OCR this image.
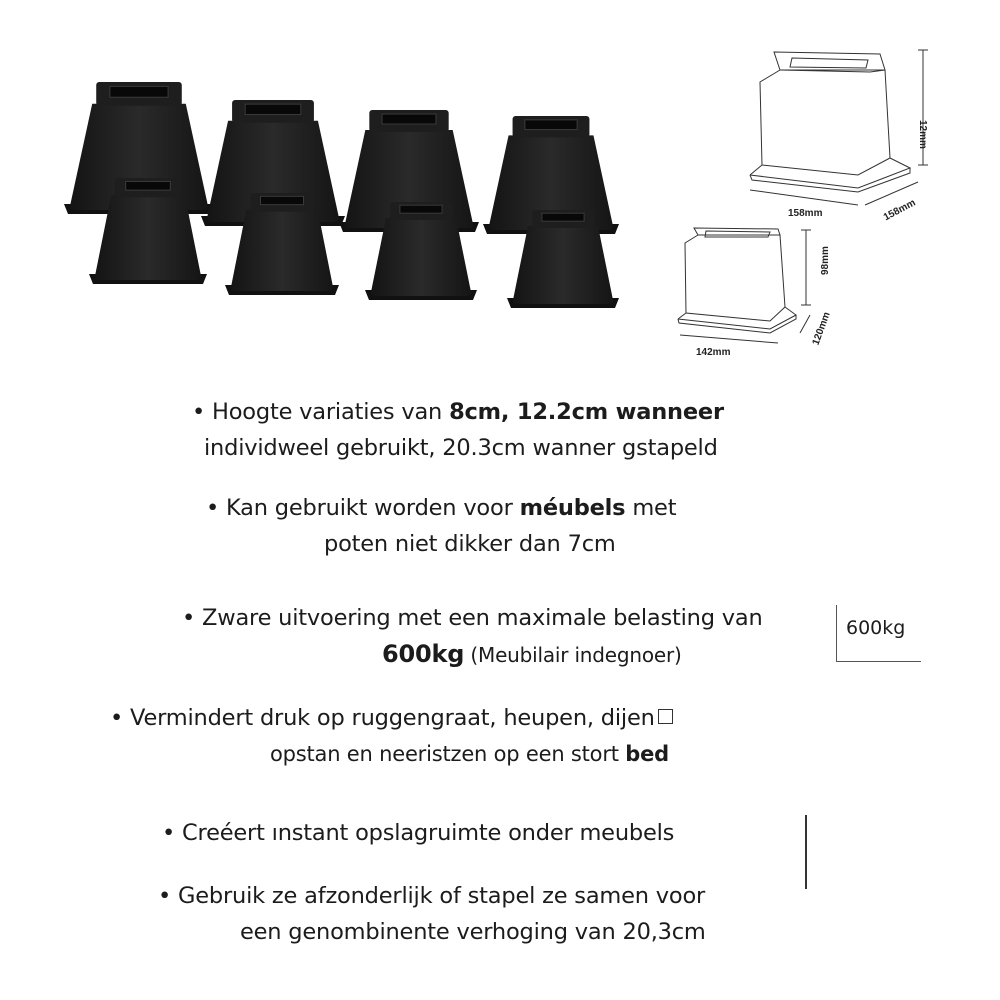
12mm
158mm	158mm
98mm
142mm
120mm
• Hoogte variaties van 8cm, 12.2cm wanneer
individweel gebruikt, 20.3cm wanner gstapeld
• Kan gebruikt worden voor méubels met
poten niet dikker dan 7cm
• Zware uitvoering met een maximale belasting van
600kg (Meubilair indegnoer)
• Vermindert druk op ruggengraat, heupen, dijen
opstan en neeristzen op een stort bed
• Creéert ınstant opslagruimte onder meubels
• Gebruik ze afzonderlijk of stapel ze samen voor
een genombinente verhoging van 20,3cm
600kg
